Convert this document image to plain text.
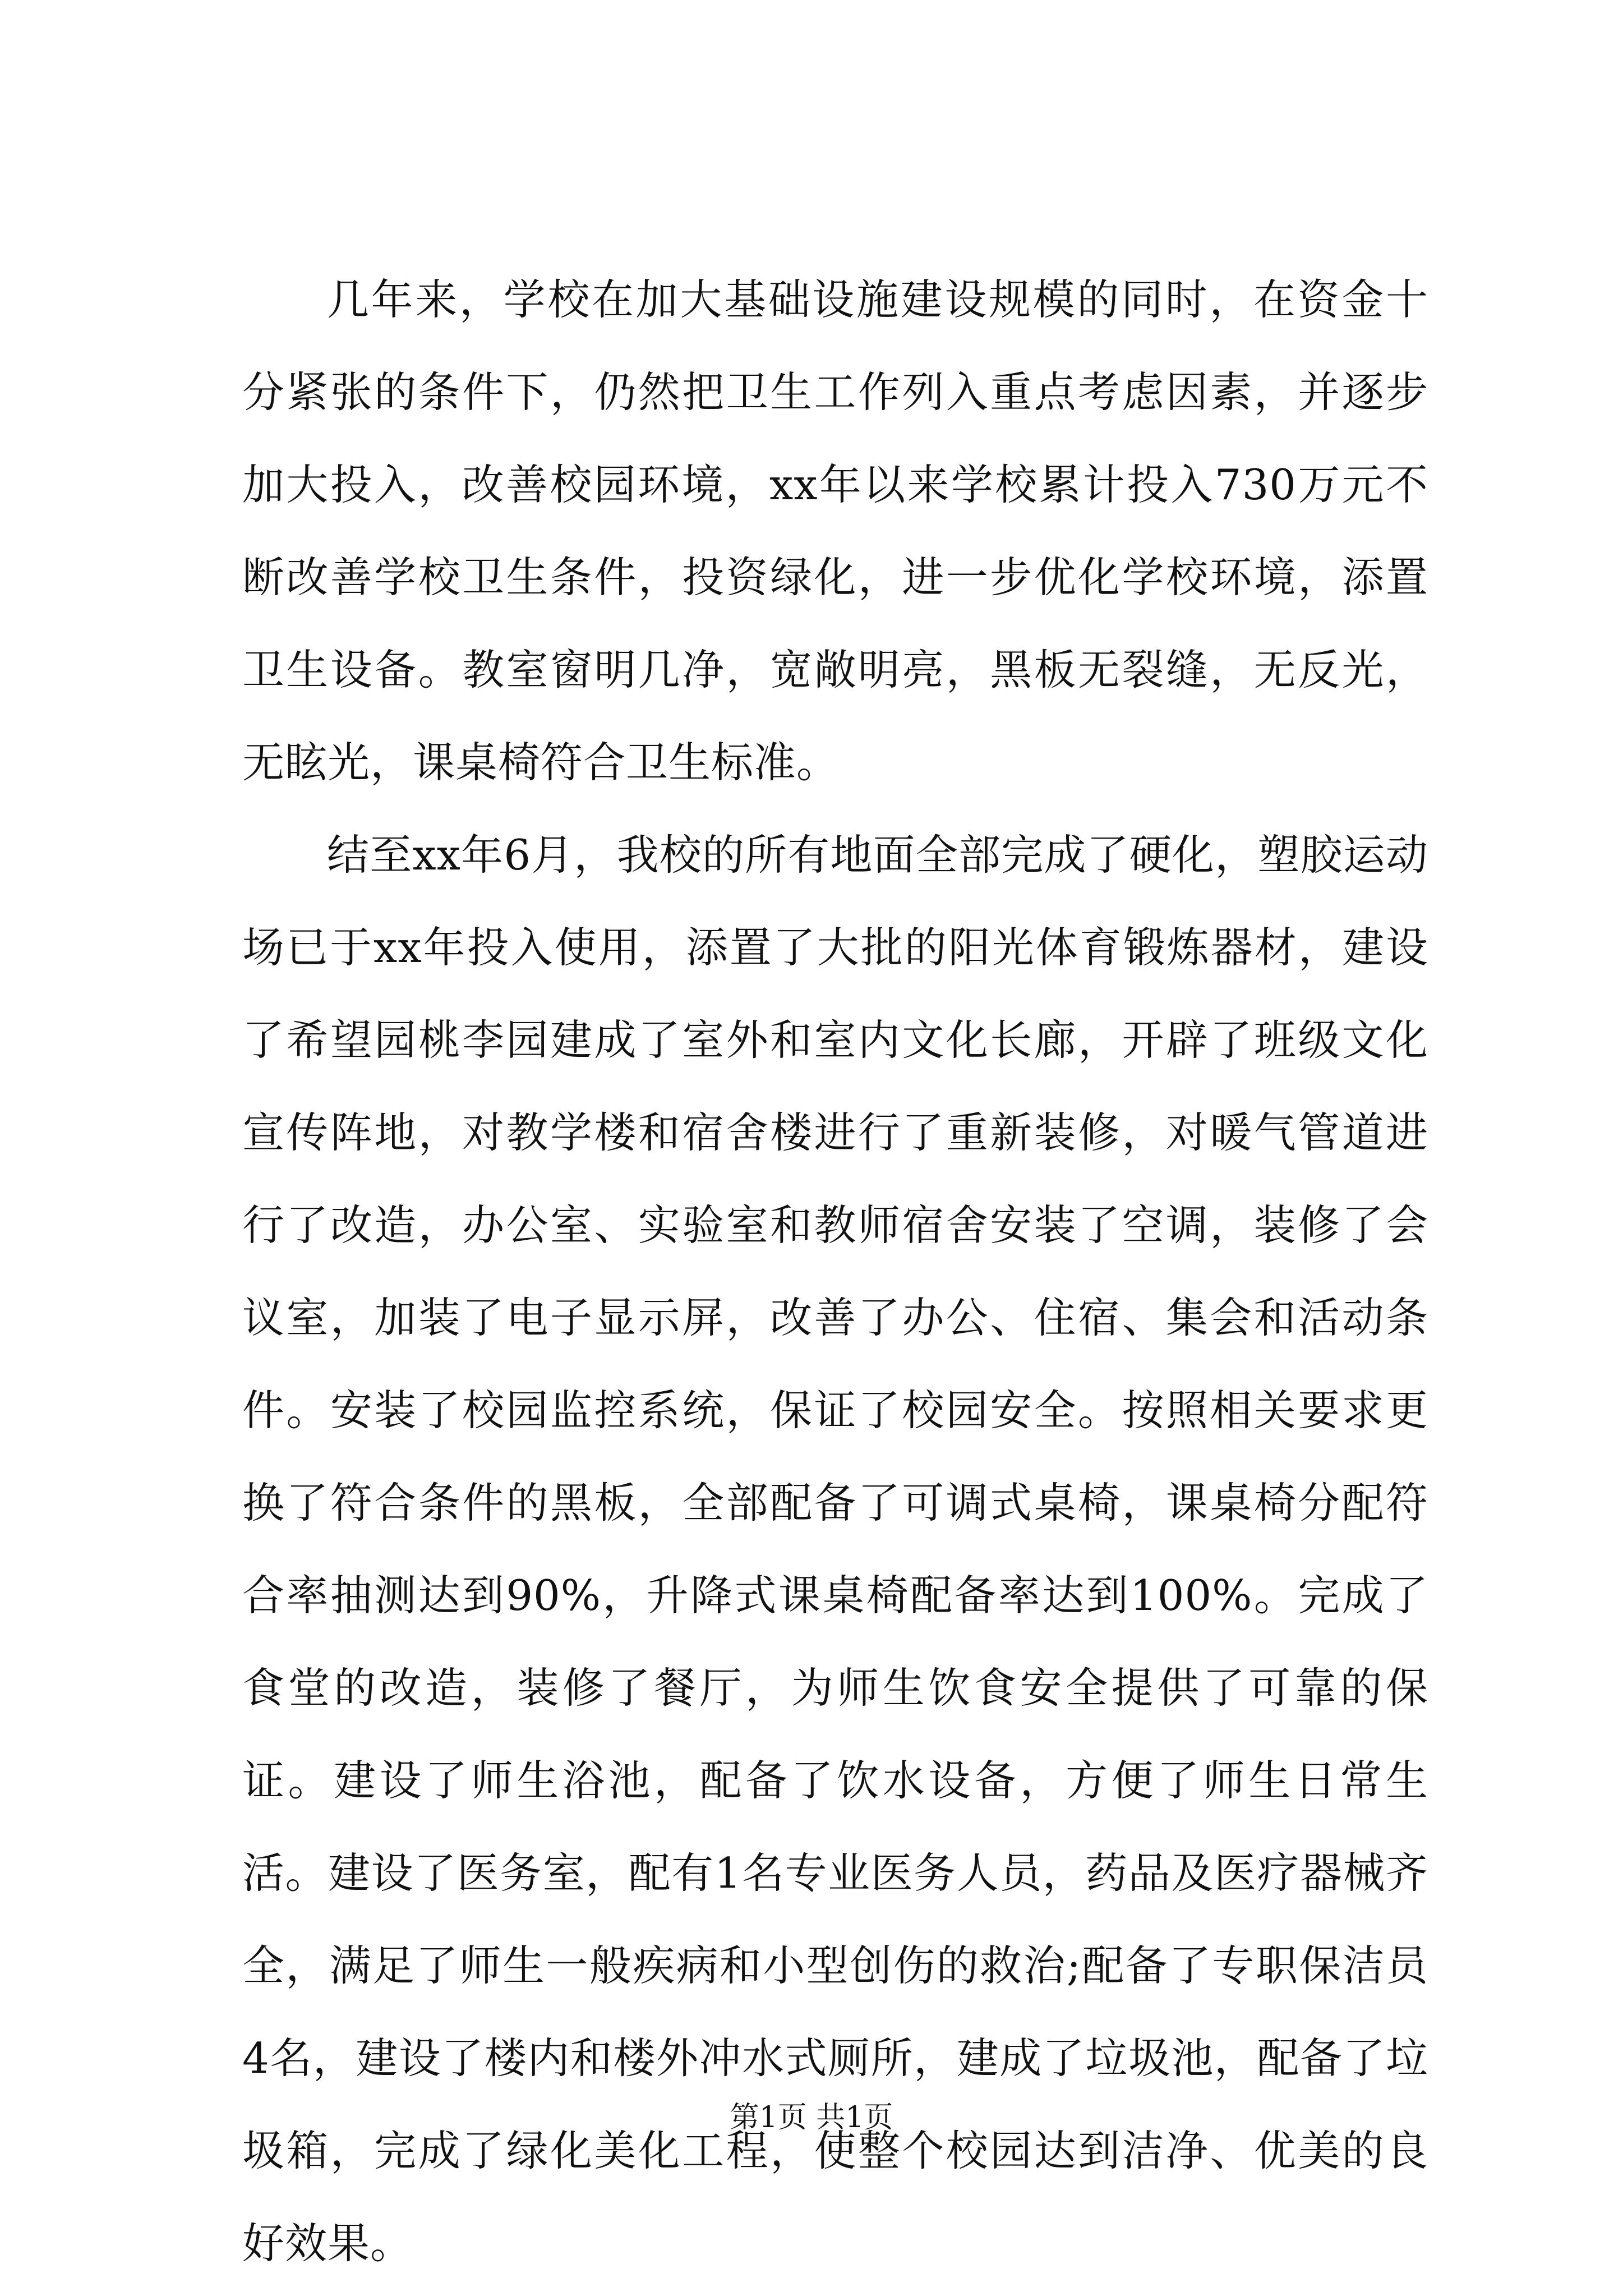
几年来，学校在加大基础设施建设规模的同时，在资金十分紧张的条件下，仍然把卫生工作列入重点考虑因素，并逐步加大投入，改善校园环境，xx年以来学校累计投入730万元不断改善学校卫生条件，投资绿化，进一步优化学校环境，添置卫生设备。教室窗明几净，宽敞明亮，黑板无裂缝，无反光，无眩光，课桌椅符合卫生标准。

结至xx年6月，我校的所有地面全部完成了硬化，塑胶运动场已于xx年投入使用，添置了大批的阳光体育锻炼器材，建设了希望园桃李园建成了室外和室内文化长廊，开辟了班级文化宣传阵地，对教学楼和宿舍楼进行了重新装修，对暖气管道进行了改造，办公室、实验室和教师宿舍安装了空调，装修了会议室，加装了电子显示屏，改善了办公、住宿、集会和活动条件。安装了校园监控系统，保证了校园安全。按照相关要求更换了符合条件的黑板，全部配备了可调式桌椅，课桌椅分配符合率抽测达到90%，升降式课桌椅配备率达到100%。完成了食堂的改造，装修了餐厅，为师生饮食安全提供了可靠的保证。建设了师生浴池，配备了饮水设备，方便了师生日常生活。建设了医务室，配有1名专业医务人员，药品及医疗器械齐全，满足了师生一般疾病和小型创伤的救治;配备了专职保洁员4名，建设了楼内和楼外冲水式厕所，建成了垃圾池，配备了垃圾箱，完成了绿化美化工程，使整个校园达到洁净、优美的良好效果。

第1页 共1页
